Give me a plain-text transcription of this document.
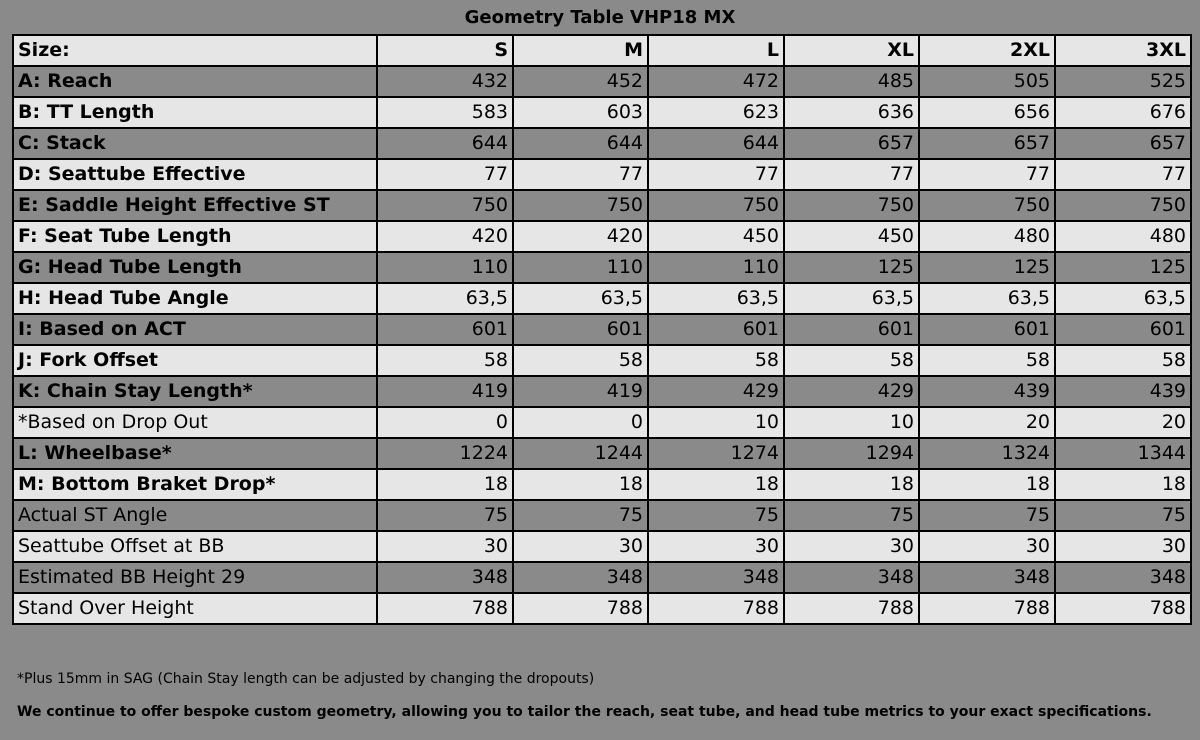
Geometry Table VHP18 MX
Size:	S	M	L	XL	2XL	3XL
A: Reach	432	452	472	485	505	525
B: TT Length	583	603	623	636	656	676
C: Stack	644	644	644	657	657	657
D: Seattube Effective	77	77	77	77	77	77
E: Saddle Height Effective ST	750	750	750	750	750	750
F: Seat Tube Length	420	420	450	450	480	480
G: Head Tube Length	110	110	110	125	125	125
H: Head Tube Angle	63,5	63,5	63,5	63,5	63,5	63,5
I: Based on ACT	601	601	601	601	601	601
J: Fork Offset	58	58	58	58	58	58
K: Chain Stay Length*	419	419	429	429	439	439
*Based on Drop Out	0	0	10	10	20	20
L: Wheelbase*	1224	1244	1274	1294	1324	1344
M: Bottom Braket Drop*	18	18	18	18	18	18
Actual ST Angle	75	75	75	75	75	75
Seattube Offset at BB	30	30	30	30	30	30
Estimated BB Height 29	348	348	348	348	348	348
Stand Over Height	788	788	788	788	788	788
*Plus 15mm in SAG (Chain Stay length can be adjusted by changing the dropouts)
We continue to offer bespoke custom geometry, allowing you to tailor the reach, seat tube, and head tube metrics to your exact specifications.
